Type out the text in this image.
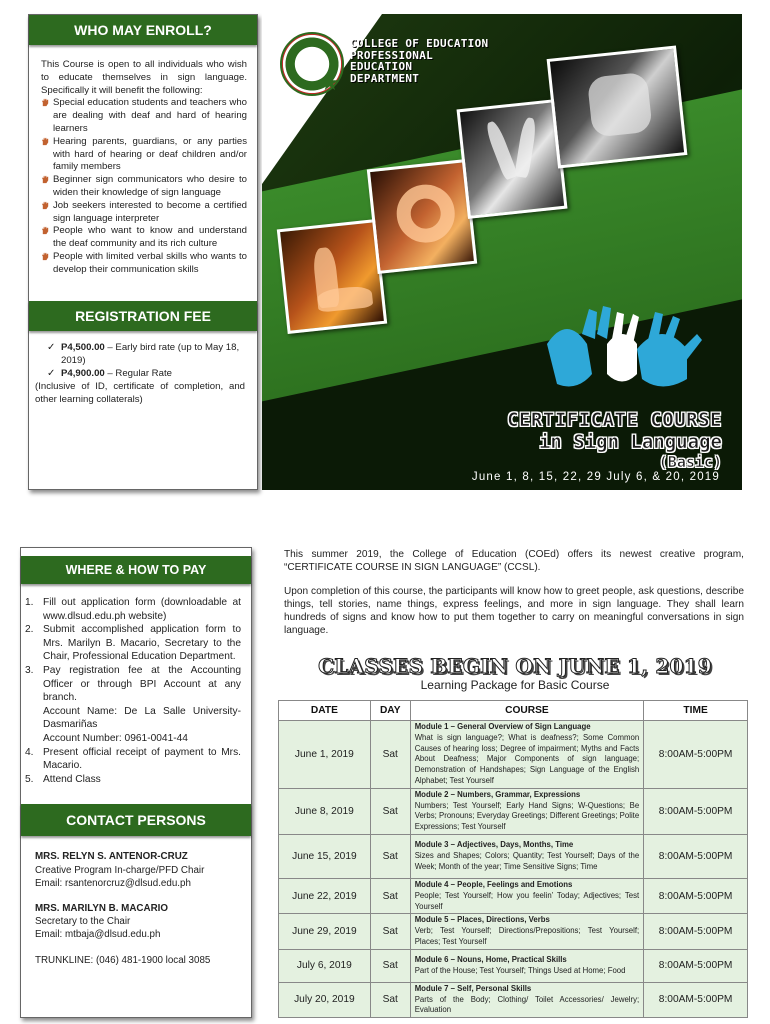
WHO MAY ENROLL?

This Course is open to all individuals who wish to educate themselves in sign language. Specifically it will benefit the following:

Special education students and teachers who are dealing with deaf and hard of hearing learners
Hearing parents, guardians, or any parties with hard of hearing or deaf children and/or family members
Beginner sign communicators who desire to widen their knowledge of sign language
Job seekers interested to become a certified sign language interpreter
People who want to know and understand the deaf community and its rich culture
People with limited verbal skills who wants to develop their communication skills
REGISTRATION FEE
✓ P4,500.00 – Early bird rate (up to May 18, 2019)
✓ P4,900.00 – Regular Rate

(Inclusive of ID, certificate of completion, and other learning collaterals)

★
COLLEGE OF EDUCATION
PROFESSIONAL
EDUCATION
DEPARTMENT
CERTIFICATE COURSE
in Sign Language
(Basic)
June 1, 8, 15, 22, 29 July 6, & 20, 2019
WHERE & HOW TO PAY
1. Fill out application form (downloadable at www.dlsud.edu.ph website)
2. Submit accomplished application form to Mrs. Marilyn B. Macario, Secretary to the Chair, Professional Education Department.
3. Pay registration fee at the Accounting Officer or through BPI Account at any branch.
Account Name: De La Salle University-Dasmariñas
Account Number: 0961-0041-44
4. Present official receipt of payment to Mrs. Macario.
5. Attend Class
CONTACT PERSONS
MRS. RELYN S. ANTENOR-CRUZ
Creative Program In-charge/PFD Chair
Email: rsantenorcruz@dlsud.edu.ph
MRS. MARILYN B. MACARIO
Secretary to the Chair
Email: mtbaja@dlsud.edu.ph
TRUNKLINE: (046) 481-1900 local 3085

This summer 2019, the College of Education (COEd) offers its newest creative program, “CERTIFICATE COURSE IN SIGN LANGUAGE” (CCSL).

Upon completion of this course, the participants will know how to greet people, ask questions, describe things, tell stories, name things, express feelings, and more in sign language. They shall learn hundreds of signs and know how to put them together to carry on meaningful conversations in sign language.

CLASSES BEGIN ON JUNE 1, 2019
Learning Package for Basic Course
DATE	DAY	COURSE	TIME
June 1, 2019	Sat	Module 1 – General Overview of Sign Language
What is sign language?; What is deafness?; Some Common Causes of hearing loss; Degree of impairment; Myths and Facts About Deafness; Major Components of sign language; Demonstration of Handshapes; Sign Language of the English Alphabet; Test Yourself	8:00AM-5:00PM
June 8, 2019	Sat	Module 2 – Numbers, Grammar, Expressions
Numbers; Test Yourself; Early Hand Signs; W-Questions; Be Verbs; Pronouns; Everyday Greetings; Different Greetings; Polite Expressions; Test Yourself	8:00AM-5:00PM
June 15, 2019	Sat	Module 3 – Adjectives, Days, Months, Time
Sizes and Shapes; Colors; Quantity; Test Yourself; Days of the Week; Month of the year; Time Sensitive Signs; Time	8:00AM-5:00PM
June 22, 2019	Sat	Module 4 – People, Feelings and Emotions
People; Test Yourself; How you feelin’ Today; Adjectives; Test Yourself	8:00AM-5:00PM
June 29, 2019	Sat	Module 5 – Places, Directions, Verbs
Verb; Test Yourself; Directions/Prepositions; Test Yourself; Places; Test Yourself	8:00AM-5:00PM
July 6, 2019	Sat	Module 6 – Nouns, Home, Practical Skills
Part of the House; Test Yourself; Things Used at Home; Food	8:00AM-5:00PM
July 20, 2019	Sat	Module 7 – Self, Personal Skills
Parts of the Body; Clothing/ Toilet Accessories/ Jewelry; Evaluation	8:00AM-5:00PM
